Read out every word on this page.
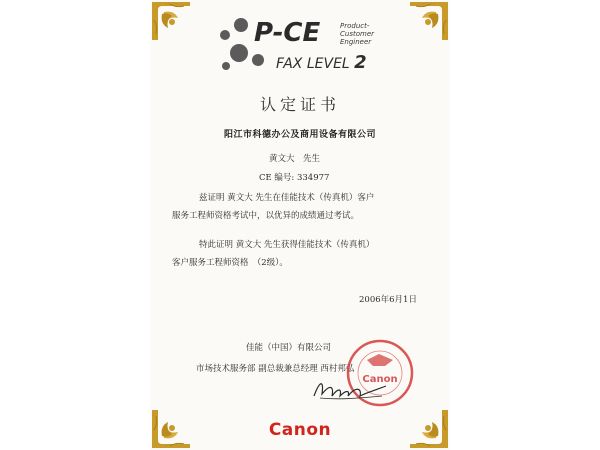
P-CE	Product-
Customer
Engineer
FAX LEVEL 2
认定证书
阳江市科德办公及商用设备有限公司
黄文大　先生
CE 编号: 334977
兹证明 黄文大 先生在佳能技术（传真机）客户
服务工程师资格考试中，以优异的成绩通过考试。
特此证明 黄文大 先生获得佳能技术（传真机）
客户服务工程师资格　（2级）。
2006年6月1日
佳能（中国）有限公司
市场技术服务部 副总裁兼总经理 西村邦弘
Canon
Canon
